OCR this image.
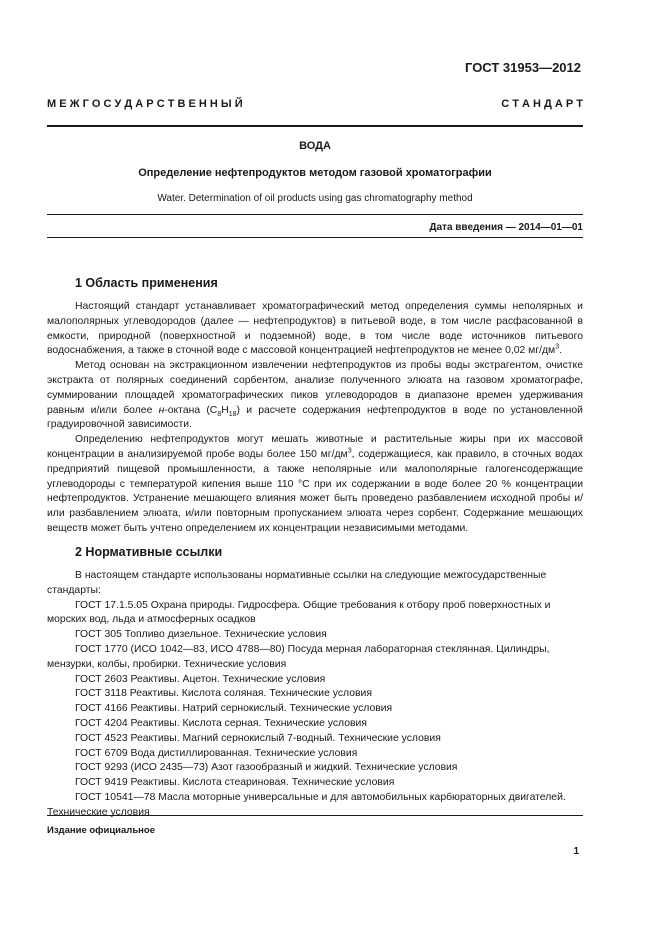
ГОСТ 31953—2012
М Е Ж Г О С У Д А Р С Т В Е Н Н Ы Й	С Т А Н Д А Р Т
ВОДА
Определение нефтепродуктов методом газовой хроматографии
Water. Determination of oil products using gas chromatography method
Дата введения — 2014—01—01
1 Область применения

Настоящий стандарт устанавливает хроматографический метод определения суммы неполярных и малополярных углеводородов (далее — нефтепродуктов) в питьевой воде, в том числе расфасованной в емкости, природной (поверхностной и подземной) воде, в том числе воде источников питьевого водоснабжения, а также в сточной воде с массовой концентрацией нефтепродуктов не менее 0,02 $мг/дм^3$.

Метод основан на экстракционном извлечении нефтепродуктов из пробы воды экстрагентом, очистке экстракта от полярных соединений сорбентом, анализе полученного элюата на газовом хроматографе, суммировании площадей хроматографических пиков углеводородов в диапазоне времен удерживания равным и/или более н-октана $(C_8H_{18})$ и расчете содержания нефтепродуктов в воде по установленной градуировочной зависимости.

Определению нефтепродуктов могут мешать животные и растительные жиры при их массовой концентрации в анализируемой пробе воды более 150 $мг/дм^3$, содержащиеся, как правило, в сточных водах предприятий пищевой промышленности, а также неполярные или малополярные галогенсодержащие углеводороды с температурой кипения выше 110 °С при их содержании в воде более 20 % концентрации нефтепродуктов. Устранение мешающего влияния может быть проведено разбавлением исходной пробы и/или разбавлением элюата, и/или повторным пропусканием элюата через сорбент. Содержание мешающих веществ может быть учтено определением их концентрации независимыми методами.

2 Нормативные ссылки
В настоящем стандарте использованы нормативные ссылки на следующие межгосударственные стандарты:
ГОСТ 17.1.5.05 Охрана природы. Гидросфера. Общие требования к отбору проб поверхностных и морских вод, льда и атмосферных осадков
ГОСТ 305 Топливо дизельное. Технические условия
ГОСТ 1770 (ИСО 1042—83, ИСО 4788—80) Посуда мерная лабораторная стеклянная. Цилиндры, мензурки, колбы, пробирки. Технические условия
ГОСТ 2603 Реактивы. Ацетон. Технические условия
ГОСТ 3118 Реактивы. Кислота соляная. Технические условия
ГОСТ 4166 Реактивы. Натрий сернокислый. Технические условия
ГОСТ 4204 Реактивы. Кислота серная. Технические условия
ГОСТ 4523 Реактивы. Магний сернокислый 7-водный. Технические условия
ГОСТ 6709 Вода дистиллированная. Технические условия
ГОСТ 9293 (ИСО 2435—73) Азот газообразный и жидкий. Технические условия
ГОСТ 9419 Реактивы. Кислота стеариновая. Технические условия
ГОСТ 10541—78 Масла моторные универсальные и для автомобильных карбюраторных двигателей. Технические условия
Издание официальное
1
